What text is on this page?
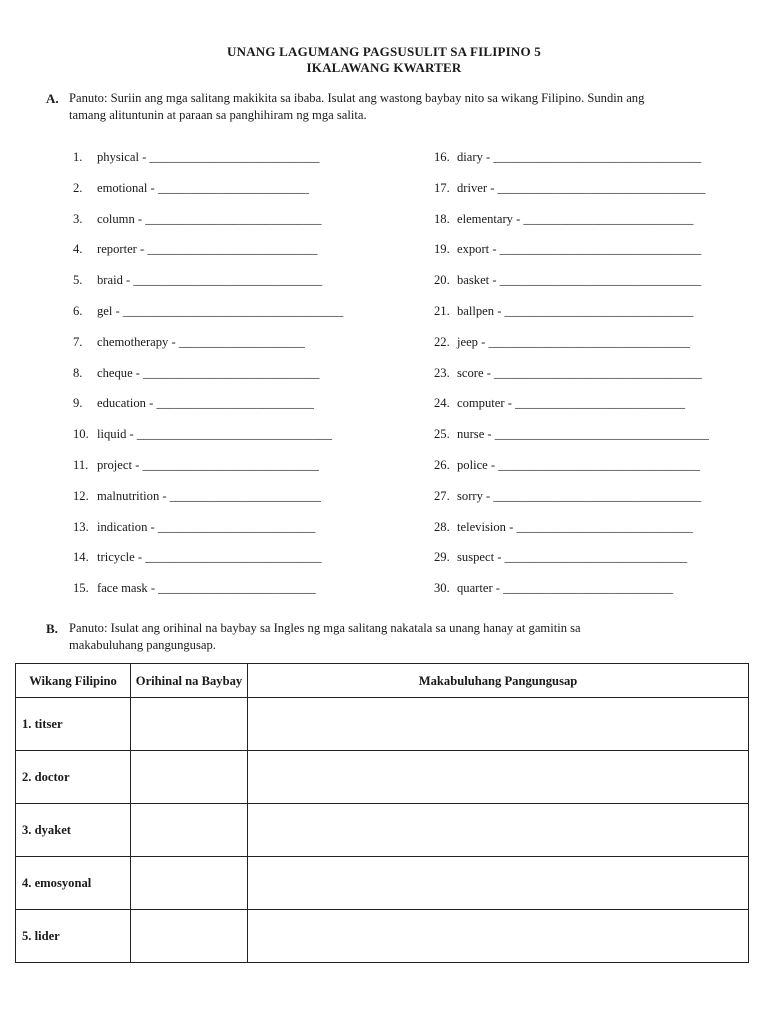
UNANG LAGUMANG PAGSUSULIT SA FILIPINO 5
IKALAWANG KWARTER
A. Panuto: Suriin ang mga salitang makikita sa ibaba. Isulat ang wastong baybay nito sa wikang Filipino. Sundin ang
tamang alituntunin at paraan sa panghihiram ng mga salita.
1. physical - ___________________________
2. emotional - ________________________
3. column - ____________________________
4. reporter - ___________________________
5. braid - ______________________________
6. gel - ___________________________________
7. chemotherapy - ____________________
8. cheque - ____________________________
9. education - _________________________
10. liquid - _______________________________
11. project - ____________________________
12. malnutrition - ________________________
13. indication - _________________________
14. tricycle - ____________________________
15. face mask - _________________________
16. diary - _________________________________
17. driver - _________________________________
18. elementary - ___________________________
19. export - ________________________________
20. basket - ________________________________
21. ballpen - ______________________________
22. jeep - ________________________________
23. score - _________________________________
24. computer - ___________________________
25. nurse - __________________________________
26. police - ________________________________
27. sorry - _________________________________
28. television - ____________________________
29. suspect - _____________________________
30. quarter - ___________________________
B. Panuto: Isulat ang orihinal na baybay sa Ingles ng mga salitang nakatala sa unang hanay at gamitin sa
makabuluhang pangungusap.
Wikang Filipino	Orihinal na Baybay	Makabuluhang Pangungusap
1. titser		
2. doctor		
3. dyaket		
4. emosyonal		
5. lider		
